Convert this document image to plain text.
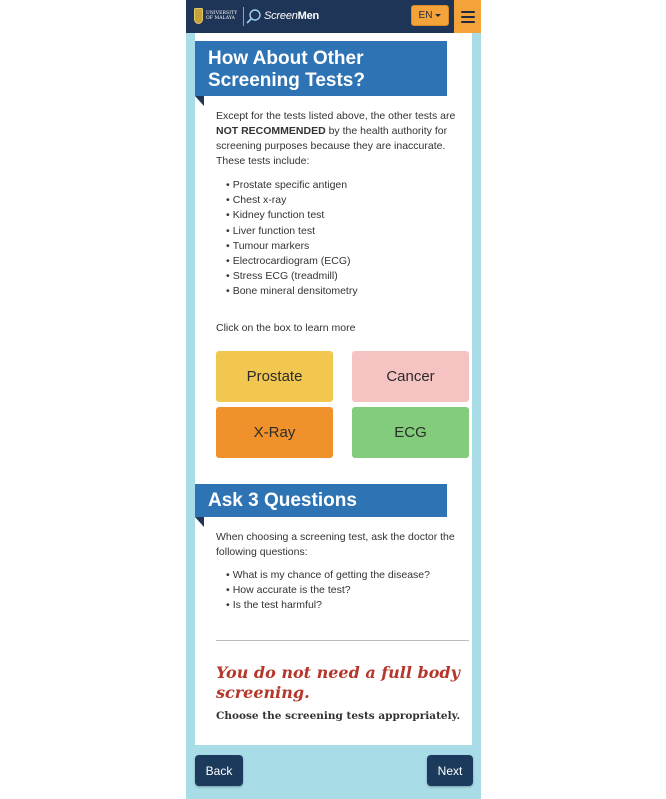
UNIVERSITY OF MALAYA	ScreenMen	EN
How About Other Screening Tests?
Except for the tests listed above, the other tests are NOT RECOMMENDED by the health authority for screening purposes because they are inaccurate. These tests include:
• Prostate specific antigen
• Chest x-ray
• Kidney function test
• Liver function test
• Tumour markers
• Electrocardiogram (ECG)
• Stress ECG (treadmill)
• Bone mineral densitometry
Click on the box to learn more
Prostate	Cancer
X-Ray	ECG
Ask 3 Questions
When choosing a screening test, ask the doctor the following questions:
• What is my chance of getting the disease?
• How accurate is the test?
• Is the test harmful?
You do not need a full body screening.
Choose the screening tests appropriately.
Back	Next
